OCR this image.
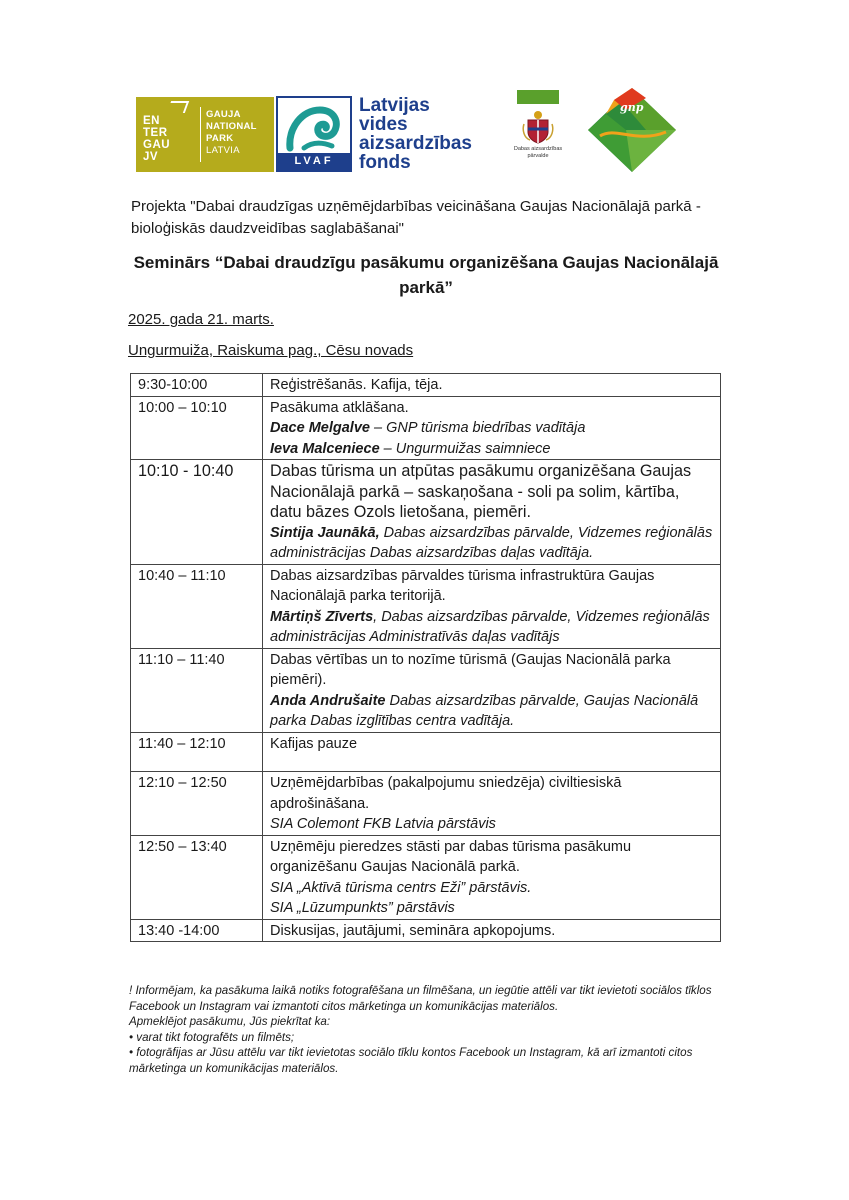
EN
TER
GAU
JV
GAUJA
NATIONAL
PARK
LATVIA
LVAF
Latvijas
vides
aizsardzības
fonds
Dabas aizsardzības pārvalde
gnp
Projekta "Dabai draudzīgas uzņēmējdarbības veicināšana Gaujas Nacionālajā parkā - bioloģiskās daudzveidības saglabāšanai"
Seminārs “Dabai draudzīgu pasākumu organizēšana Gaujas Nacionālajā parkā”
2025. gada 21. marts.
Ungurmuiža, Raiskuma pag., Cēsu novads
9:30-10:00	Reģistrēšanās. Kafija, tēja.

10:00 – 10:10	Pasākuma atklāšana.
Dace Melgalve – GNP tūrisma biedrības vadītāja
Ieva Malceniece – Ungurmuižas saimniece

10:10 - 10:40	Dabas tūrisma un atpūtas pasākumu organizēšana Gaujas Nacionālajā parkā – saskaņošana - soli pa solim, kārtība, datu bāzes Ozols lietošana, piemēri.
Sintija Jaunākā, Dabas aizsardzības pārvalde, Vidzemes reģionālās administrācijas Dabas aizsardzības daļas vadītāja.

10:40 – 11:10	Dabas aizsardzības pārvaldes tūrisma infrastruktūra Gaujas Nacionālajā parka teritorijā.
Mārtiņš Zīverts, Dabas aizsardzības pārvalde, Vidzemes reģionālās administrācijas Administratīvās daļas vadītājs

11:10 – 11:40	Dabas vērtības un to nozīme tūrismā (Gaujas Nacionālā parka piemēri).
Anda Andrušaite Dabas aizsardzības pārvalde, Gaujas Nacionālā parka Dabas izglītības centra vadītāja.

11:40 – 12:10	Kafijas pauze

12:10 – 12:50	Uzņēmējdarbības (pakalpojumu sniedzēja) civiltiesiskā apdrošināšana.
SIA Colemont FKB Latvia pārstāvis

12:50 – 13:40	Uzņēmēju pieredzes stāsti par dabas tūrisma pasākumu organizēšanu Gaujas Nacionālā parkā.
SIA „Aktīvā tūrisma centrs Eži” pārstāvis.
SIA „Lūzumpunkts” pārstāvis

13:40 -14:00	Diskusijas, jautājumi, semināra apkopojums.
! Informējam, ka pasākuma laikā notiks fotografēšana un filmēšana, un iegūtie attēli var tikt ievietoti sociālos tīklos Facebook un Instagram vai izmantoti citos mārketinga un komunikācijas materiālos.
Apmeklējot pasākumu, Jūs piekrītat ka:
• varat tikt fotografēts un filmēts;
• fotogrāfijas ar Jūsu attēlu var tikt ievietotas sociālo tīklu kontos Facebook un Instagram, kā arī izmantoti citos mārketinga un komunikācijas materiālos.
